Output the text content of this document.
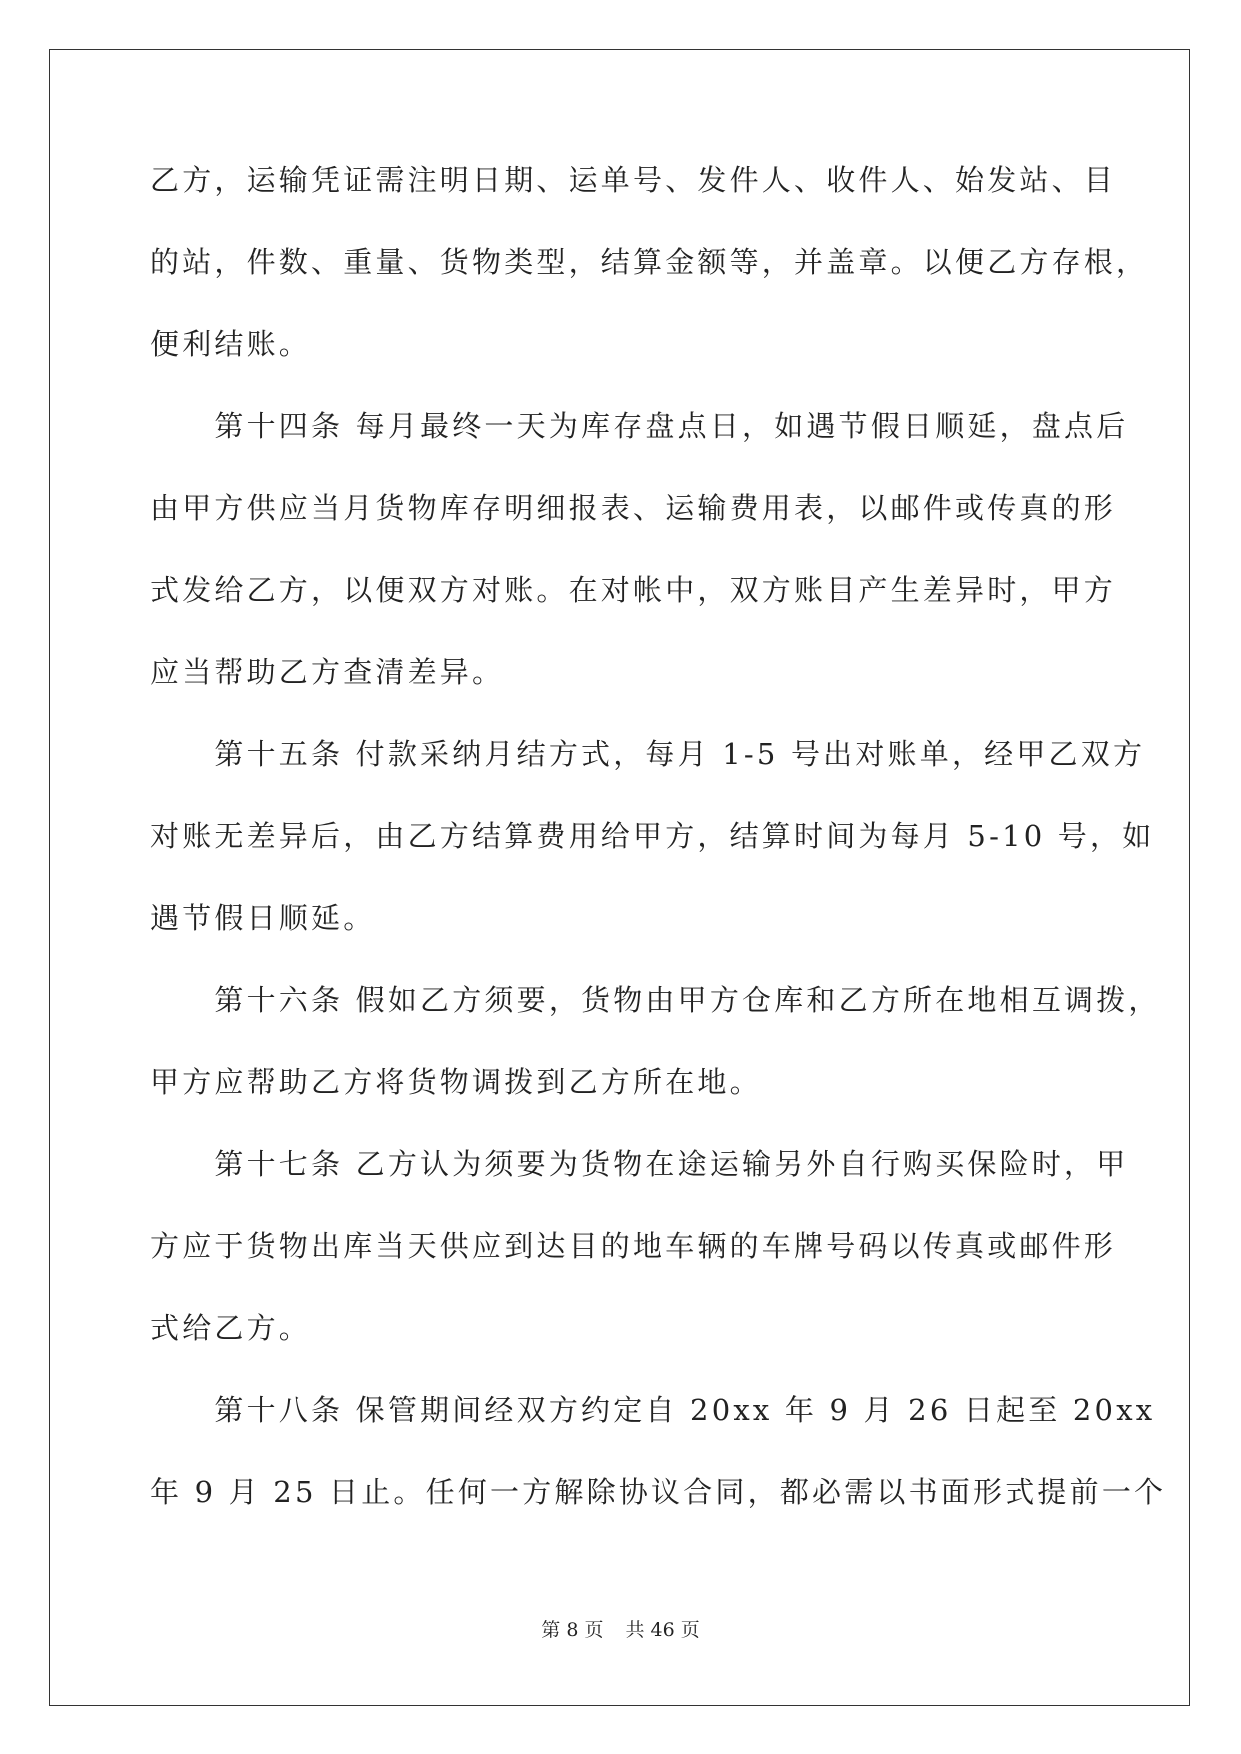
乙方，运输凭证需注明日期、运单号、发件人、收件人、始发站、目
的站，件数、重量、货物类型，结算金额等，并盖章。以便乙方存根，
便利结账。
　　第十四条 每月最终一天为库存盘点日，如遇节假日顺延，盘点后
由甲方供应当月货物库存明细报表、运输费用表，以邮件或传真的形
式发给乙方，以便双方对账。在对帐中，双方账目产生差异时，甲方
应当帮助乙方查清差异。
　　第十五条 付款采纳月结方式，每月 1-5 号出对账单，经甲乙双方
对账无差异后，由乙方结算费用给甲方，结算时间为每月 5-10 号，如
遇节假日顺延。
　　第十六条 假如乙方须要，货物由甲方仓库和乙方所在地相互调拨，
甲方应帮助乙方将货物调拨到乙方所在地。
　　第十七条 乙方认为须要为货物在途运输另外自行购买保险时，甲
方应于货物出库当天供应到达目的地车辆的车牌号码以传真或邮件形
式给乙方。
　　第十八条 保管期间经双方约定自 20xx 年 9 月 26 日起至 20xx
年 9 月 25 日止。任何一方解除协议合同，都必需以书面形式提前一个
第 8 页 共 46 页
